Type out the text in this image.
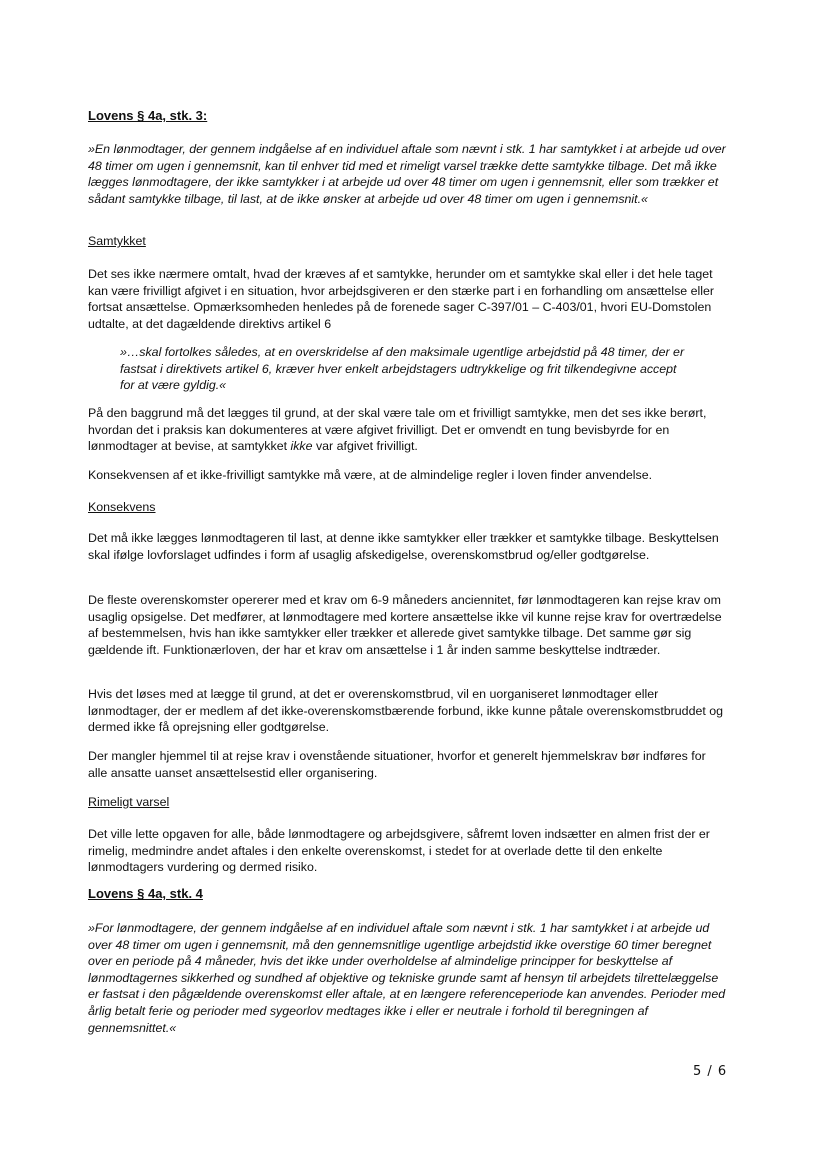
Lovens § 4a, stk. 3:

»En lønmodtager, der gennem indgåelse af en individuel aftale som nævnt i stk. 1 har samtykket i at arbejde ud over 48 timer om ugen i gennemsnit, kan til enhver tid med et rimeligt varsel trække dette samtykke tilbage. Det må ikke lægges lønmodtagere, der ikke samtykker i at arbejde ud over 48 timer om ugen i gennemsnit, eller som trækker et sådant samtykke tilbage, til last, at de ikke ønsker at arbejde ud over 48 timer om ugen i gennemsnit.«

Samtykket

Det ses ikke nærmere omtalt, hvad der kræves af et samtykke, herunder om et samtykke skal eller i det hele taget kan være frivilligt afgivet i en situation, hvor arbejdsgiveren er den stærke part i en forhandling om ansættelse eller fortsat ansættelse. Opmærksomheden henledes på de forenede sager C-397/01 – C-403/01, hvori EU-Domstolen udtalte, at det dagældende direktivs artikel 6

»…skal fortolkes således, at en overskridelse af den maksimale ugentlige arbejdstid på 48 timer, der er fastsat i direktivets artikel 6, kræver hver enkelt arbejdstagers udtrykkelige og frit tilkendegivne accept for at være gyldig.«

På den baggrund må det lægges til grund, at der skal være tale om et frivilligt samtykke, men det ses ikke berørt, hvordan det i praksis kan dokumenteres at være afgivet frivilligt. Det er omvendt en tung bevisbyrde for en lønmodtager at bevise, at samtykket ikke var afgivet frivilligt.

Konsekvensen af et ikke-frivilligt samtykke må være, at de almindelige regler i loven finder anvendelse.

Konsekvens

Det må ikke lægges lønmodtageren til last, at denne ikke samtykker eller trækker et samtykke tilbage. Beskyttelsen skal ifølge lovforslaget udfindes i form af usaglig afskedigelse, overenskomstbrud og/eller godtgørelse.

De fleste overenskomster opererer med et krav om 6-9 måneders anciennitet, før lønmodtageren kan rejse krav om usaglig opsigelse. Det medfører, at lønmodtagere med kortere ansættelse ikke vil kunne rejse krav for overtrædelse af bestemmelsen, hvis han ikke samtykker eller trækker et allerede givet samtykke tilbage. Det samme gør sig gældende ift. Funktionærloven, der har et krav om ansættelse i 1 år inden samme beskyttelse indtræder.

Hvis det løses med at lægge til grund, at det er overenskomstbrud, vil en uorganiseret lønmodtager eller lønmodtager, der er medlem af det ikke-overenskomstbærende forbund, ikke kunne påtale overenskomstbruddet og dermed ikke få oprejsning eller godtgørelse.

Der mangler hjemmel til at rejse krav i ovenstående situationer, hvorfor et generelt hjemmelskrav bør indføres for alle ansatte uanset ansættelsestid eller organisering.

Rimeligt varsel

Det ville lette opgaven for alle, både lønmodtagere og arbejdsgivere, såfremt loven indsætter en almen frist der er rimelig, medmindre andet aftales i den enkelte overenskomst, i stedet for at overlade dette til den enkelte lønmodtagers vurdering og dermed risiko.

Lovens § 4a, stk. 4

»For lønmodtagere, der gennem indgåelse af en individuel aftale som nævnt i stk. 1 har samtykket i at arbejde ud over 48 timer om ugen i gennemsnit, må den gennemsnitlige ugentlige arbejdstid ikke overstige 60 timer beregnet over en periode på 4 måneder, hvis det ikke under overholdelse af almindelige principper for beskyttelse af lønmodtagernes sikkerhed og sundhed af objektive og tekniske grunde samt af hensyn til arbejdets tilrettelæggelse er fastsat i den pågældende overenskomst eller aftale, at en længere referenceperiode kan anvendes. Perioder med årlig betalt ferie og perioder med sygeorlov medtages ikke i eller er neutrale i forhold til beregningen af gennemsnittet.«

5 / 6
